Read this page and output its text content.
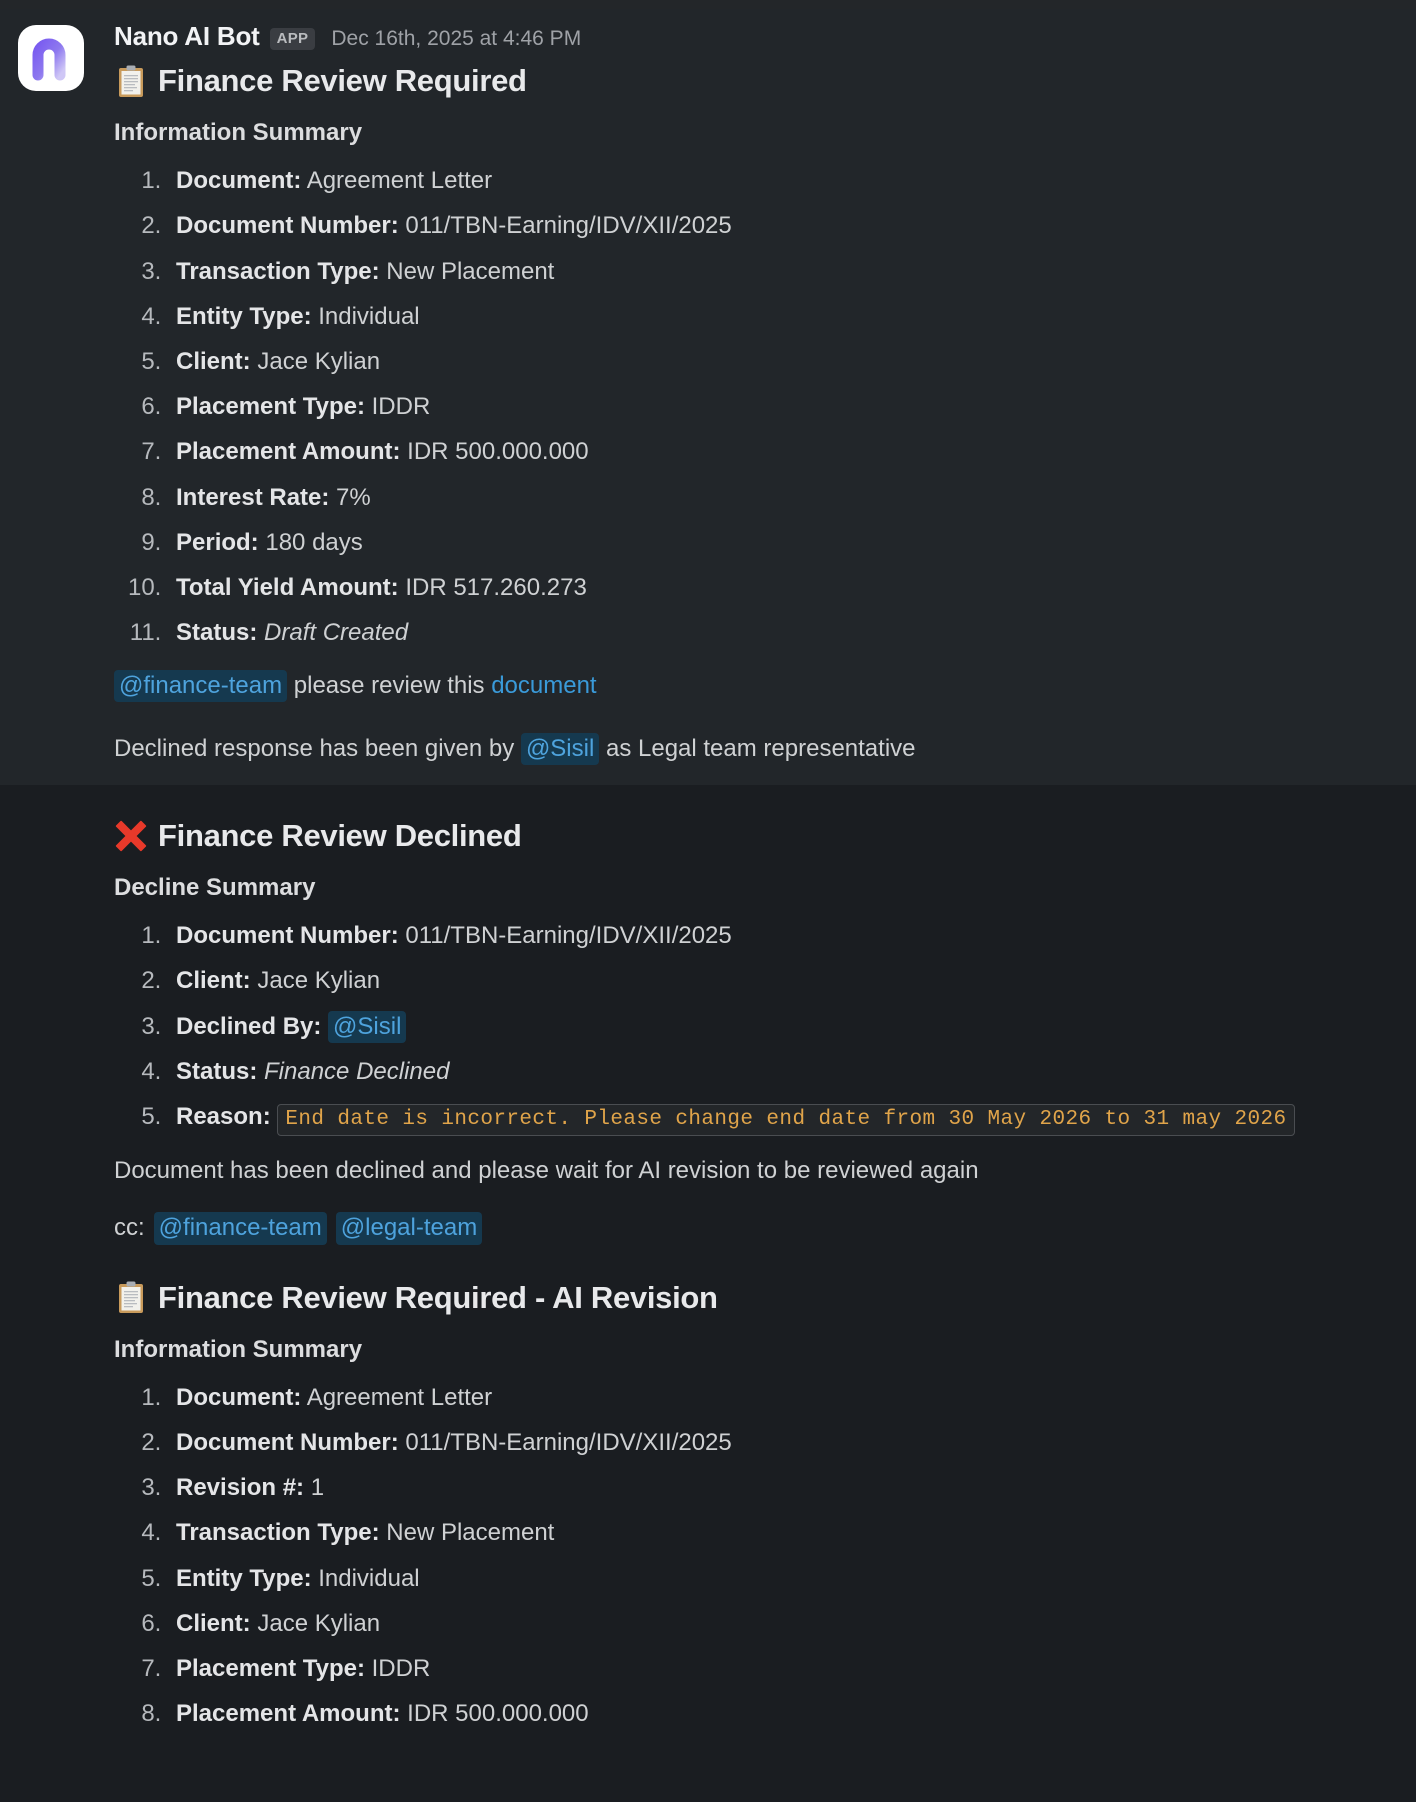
Nano AI Bot	APP	Dec 16th, 2025 at 4:46 PM
Finance Review Required
Information Summary
1. Document: Agreement Letter
2. Document Number: 011/TBN-Earning/IDV/XII/2025
3. Transaction Type: New Placement
4. Entity Type: Individual
5. Client: Jace Kylian
6. Placement Type: IDDR
7. Placement Amount: IDR 500.000.000
8. Interest Rate: 7%
9. Period: 180 days
10. Total Yield Amount: IDR 517.260.273
11. Status: Draft Created

@finance-team please review this document

Declined response has been given by @Sisil as Legal team representative

Finance Review Declined
Decline Summary
1. Document Number: 011/TBN-Earning/IDV/XII/2025
2. Client: Jace Kylian
3. Declined By: @Sisil
4. Status: Finance Declined
5. Reason: End date is incorrect. Please change end date from 30 May 2026 to 31 may 2026

Document has been declined and please wait for AI revision to be reviewed again

cc: @finance-team @legal-team

Finance Review Required - AI Revision
Information Summary
1. Document: Agreement Letter
2. Document Number: 011/TBN-Earning/IDV/XII/2025
3. Revision #: 1
4. Transaction Type: New Placement
5. Entity Type: Individual
6. Client: Jace Kylian
7. Placement Type: IDDR
8. Placement Amount: IDR 500.000.000
